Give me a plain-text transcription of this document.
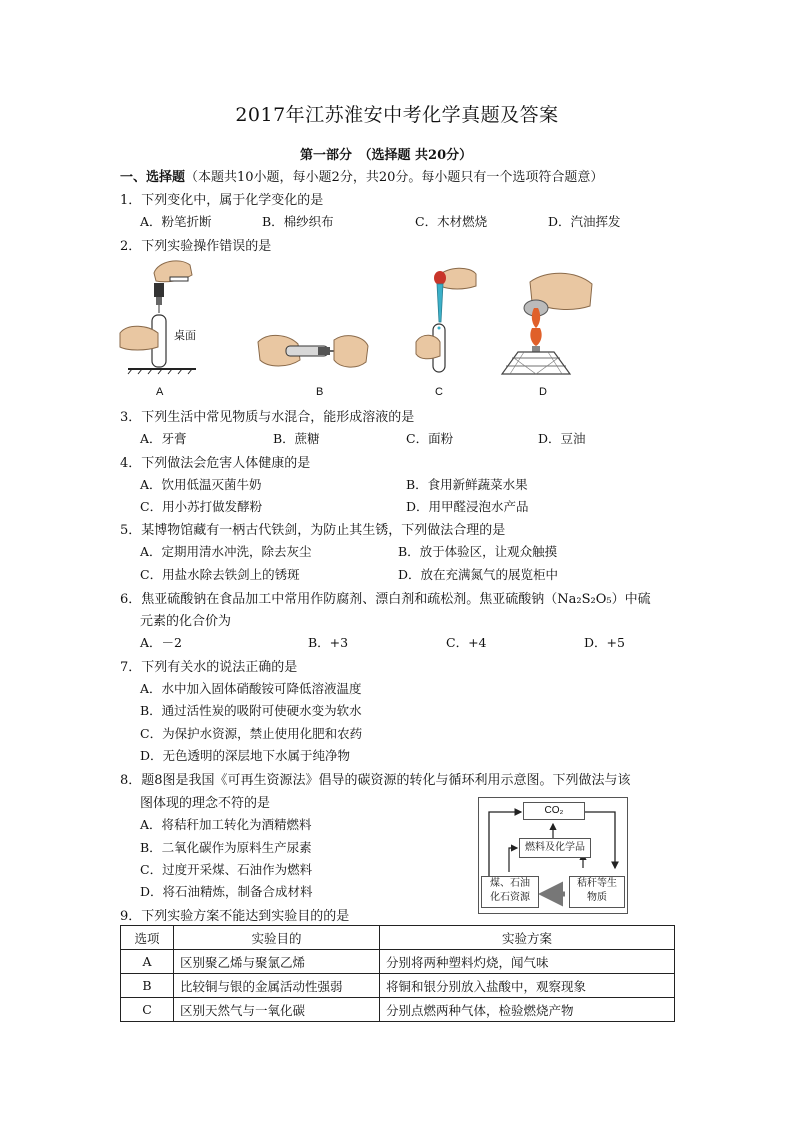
2017年江苏淮安中考化学真题及答案
第一部分　（选择题 共20分）
一、选择题（本题共10小题，每小题2分，共20分。每小题只有一个选项符合题意）
1．下列变化中，属于化学变化的是
A．粉笔折断	B．棉纱织布	C．木材燃烧	D．汽油挥发
2．下列实验操作错误的是
桌面
A	B	C	D
3．下列生活中常见物质与水混合，能形成溶液的是
A．牙膏	B．蔗糖	C．面粉	D．豆油
4．下列做法会危害人体健康的是
A．饮用低温灭菌牛奶	B．食用新鲜蔬菜水果
C．用小苏打做发酵粉	D．用甲醛浸泡水产品
5．某博物馆藏有一柄古代铁剑，为防止其生锈，下列做法合理的是
A．定期用清水冲洗，除去灰尘	B．放于体验区，让观众触摸
C．用盐水除去铁剑上的锈斑	D．放在充满氮气的展览柜中
6．焦亚硫酸钠在食品加工中常用作防腐剂、漂白剂和疏松剂。焦亚硫酸钠（Na₂S₂O₅）中硫
元素的化合价为
A．－2	B．+3	C．+4	D．+5
7．下列有关水的说法正确的是
A．水中加入固体硝酸铵可降低溶液温度
B．通过活性炭的吸附可使硬水变为软水
C．为保护水资源，禁止使用化肥和农药
D．无色透明的深层地下水属于纯净物
8．题8图是我国《可再生资源法》倡导的碳资源的转化与循环利用示意图。下列做法与该
图体现的理念不符的是
A．将秸秆加工转化为酒精燃料
B．二氧化碳作为原料生产尿素
C．过度开采煤、石油作为燃料
D．将石油精炼，制备合成材料
CO₂
燃料及化学品
煤、石油
化石资源
秸秆等生
物质
9．下列实验方案不能达到实验目的的是
选项	实验目的	实验方案
A	区别聚乙烯与聚氯乙烯	分别将两种塑料灼烧，闻气味
B	比较铜与银的金属活动性强弱	将铜和银分别放入盐酸中，观察现象
C	区别天然气与一氧化碳	分别点燃两种气体，检验燃烧产物
